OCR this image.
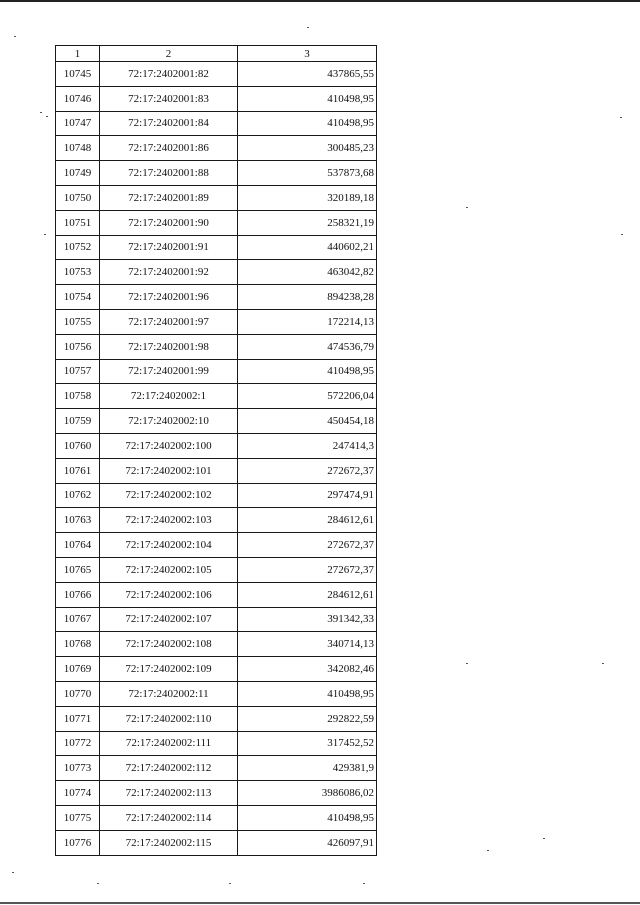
1	2	3
10745	72:17:2402001:82	437865,55
10746	72:17:2402001:83	410498,95
10747	72:17:2402001:84	410498,95
10748	72:17:2402001:86	300485,23
10749	72:17:2402001:88	537873,68
10750	72:17:2402001:89	320189,18
10751	72:17:2402001:90	258321,19
10752	72:17:2402001:91	440602,21
10753	72:17:2402001:92	463042,82
10754	72:17:2402001:96	894238,28
10755	72:17:2402001:97	172214,13
10756	72:17:2402001:98	474536,79
10757	72:17:2402001:99	410498,95
10758	72:17:2402002:1	572206,04
10759	72:17:2402002:10	450454,18
10760	72:17:2402002:100	247414,3
10761	72:17:2402002:101	272672,37
10762	72:17:2402002:102	297474,91
10763	72:17:2402002:103	284612,61
10764	72:17:2402002:104	272672,37
10765	72:17:2402002:105	272672,37
10766	72:17:2402002:106	284612,61
10767	72:17:2402002:107	391342,33
10768	72:17:2402002:108	340714,13
10769	72:17:2402002:109	342082,46
10770	72:17:2402002:11	410498,95
10771	72:17:2402002:110	292822,59
10772	72:17:2402002:111	317452,52
10773	72:17:2402002:112	429381,9
10774	72:17:2402002:113	3986086,02
10775	72:17:2402002:114	410498,95
10776	72:17:2402002:115	426097,91
